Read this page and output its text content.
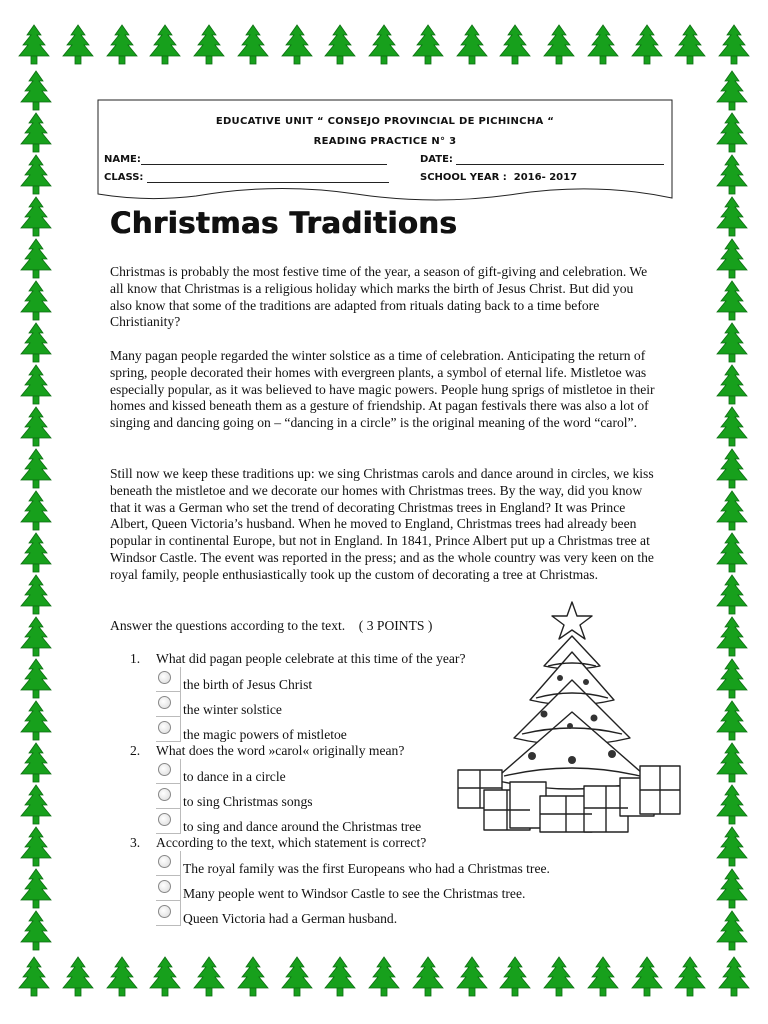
EDUCATIVE UNIT “ CONSEJO PROVINCIAL DE PICHINCHA “
READING PRACTICE N° 3
NAME:	DATE:
CLASS:	SCHOOL YEAR : 2016- 2017
Christmas Traditions

Christmas is probably the most festive time of the year, a season of gift-giving and celebration. We all know that Christmas is a religious holiday which marks the birth of Jesus Christ. But did you also know that some of the traditions are adapted from rituals dating back to a time before Christianity?

Many pagan people regarded the winter solstice as a time of celebration. Anticipating the return of spring, people decorated their homes with evergreen plants, a symbol of eternal life. Mistletoe was especially popular, as it was believed to have magic powers. People hung sprigs of mistletoe in their homes and kissed beneath them as a gesture of friendship. At pagan festivals there was also a lot of singing and dancing going on – “dancing in a circle” is the original meaning of the word “carol”.

Still now we keep these traditions up: we sing Christmas carols and dance around in circles, we kiss beneath the mistletoe and we decorate our homes with Christmas trees. By the way, did you know that it was a German who set the trend of decorating Christmas trees in England? It was Prince Albert, Queen Victoria’s husband. When he moved to England, Christmas trees had already been popular in continental Europe, but not in England. In 1841, Prince Albert put up a Christmas tree at Windsor Castle. The event was reported in the press; and as the whole country was very keen on the royal family, people enthusiastically took up the custom of decorating a tree at Christmas.

Answer the questions according to the text.    ( 3 POINTS )
1. What did pagan people celebrate at this time of the year?
the birth of Jesus Christ
the winter solstice
the magic powers of mistletoe
2. What does the word »carol« originally mean?
to dance in a circle
to sing Christmas songs
to sing and dance around the Christmas tree
3. According to the text, which statement is correct?
The royal family was the first Europeans who had a Christmas tree.
Many people went to Windsor Castle to see the Christmas tree.
Queen Victoria had a German husband.
